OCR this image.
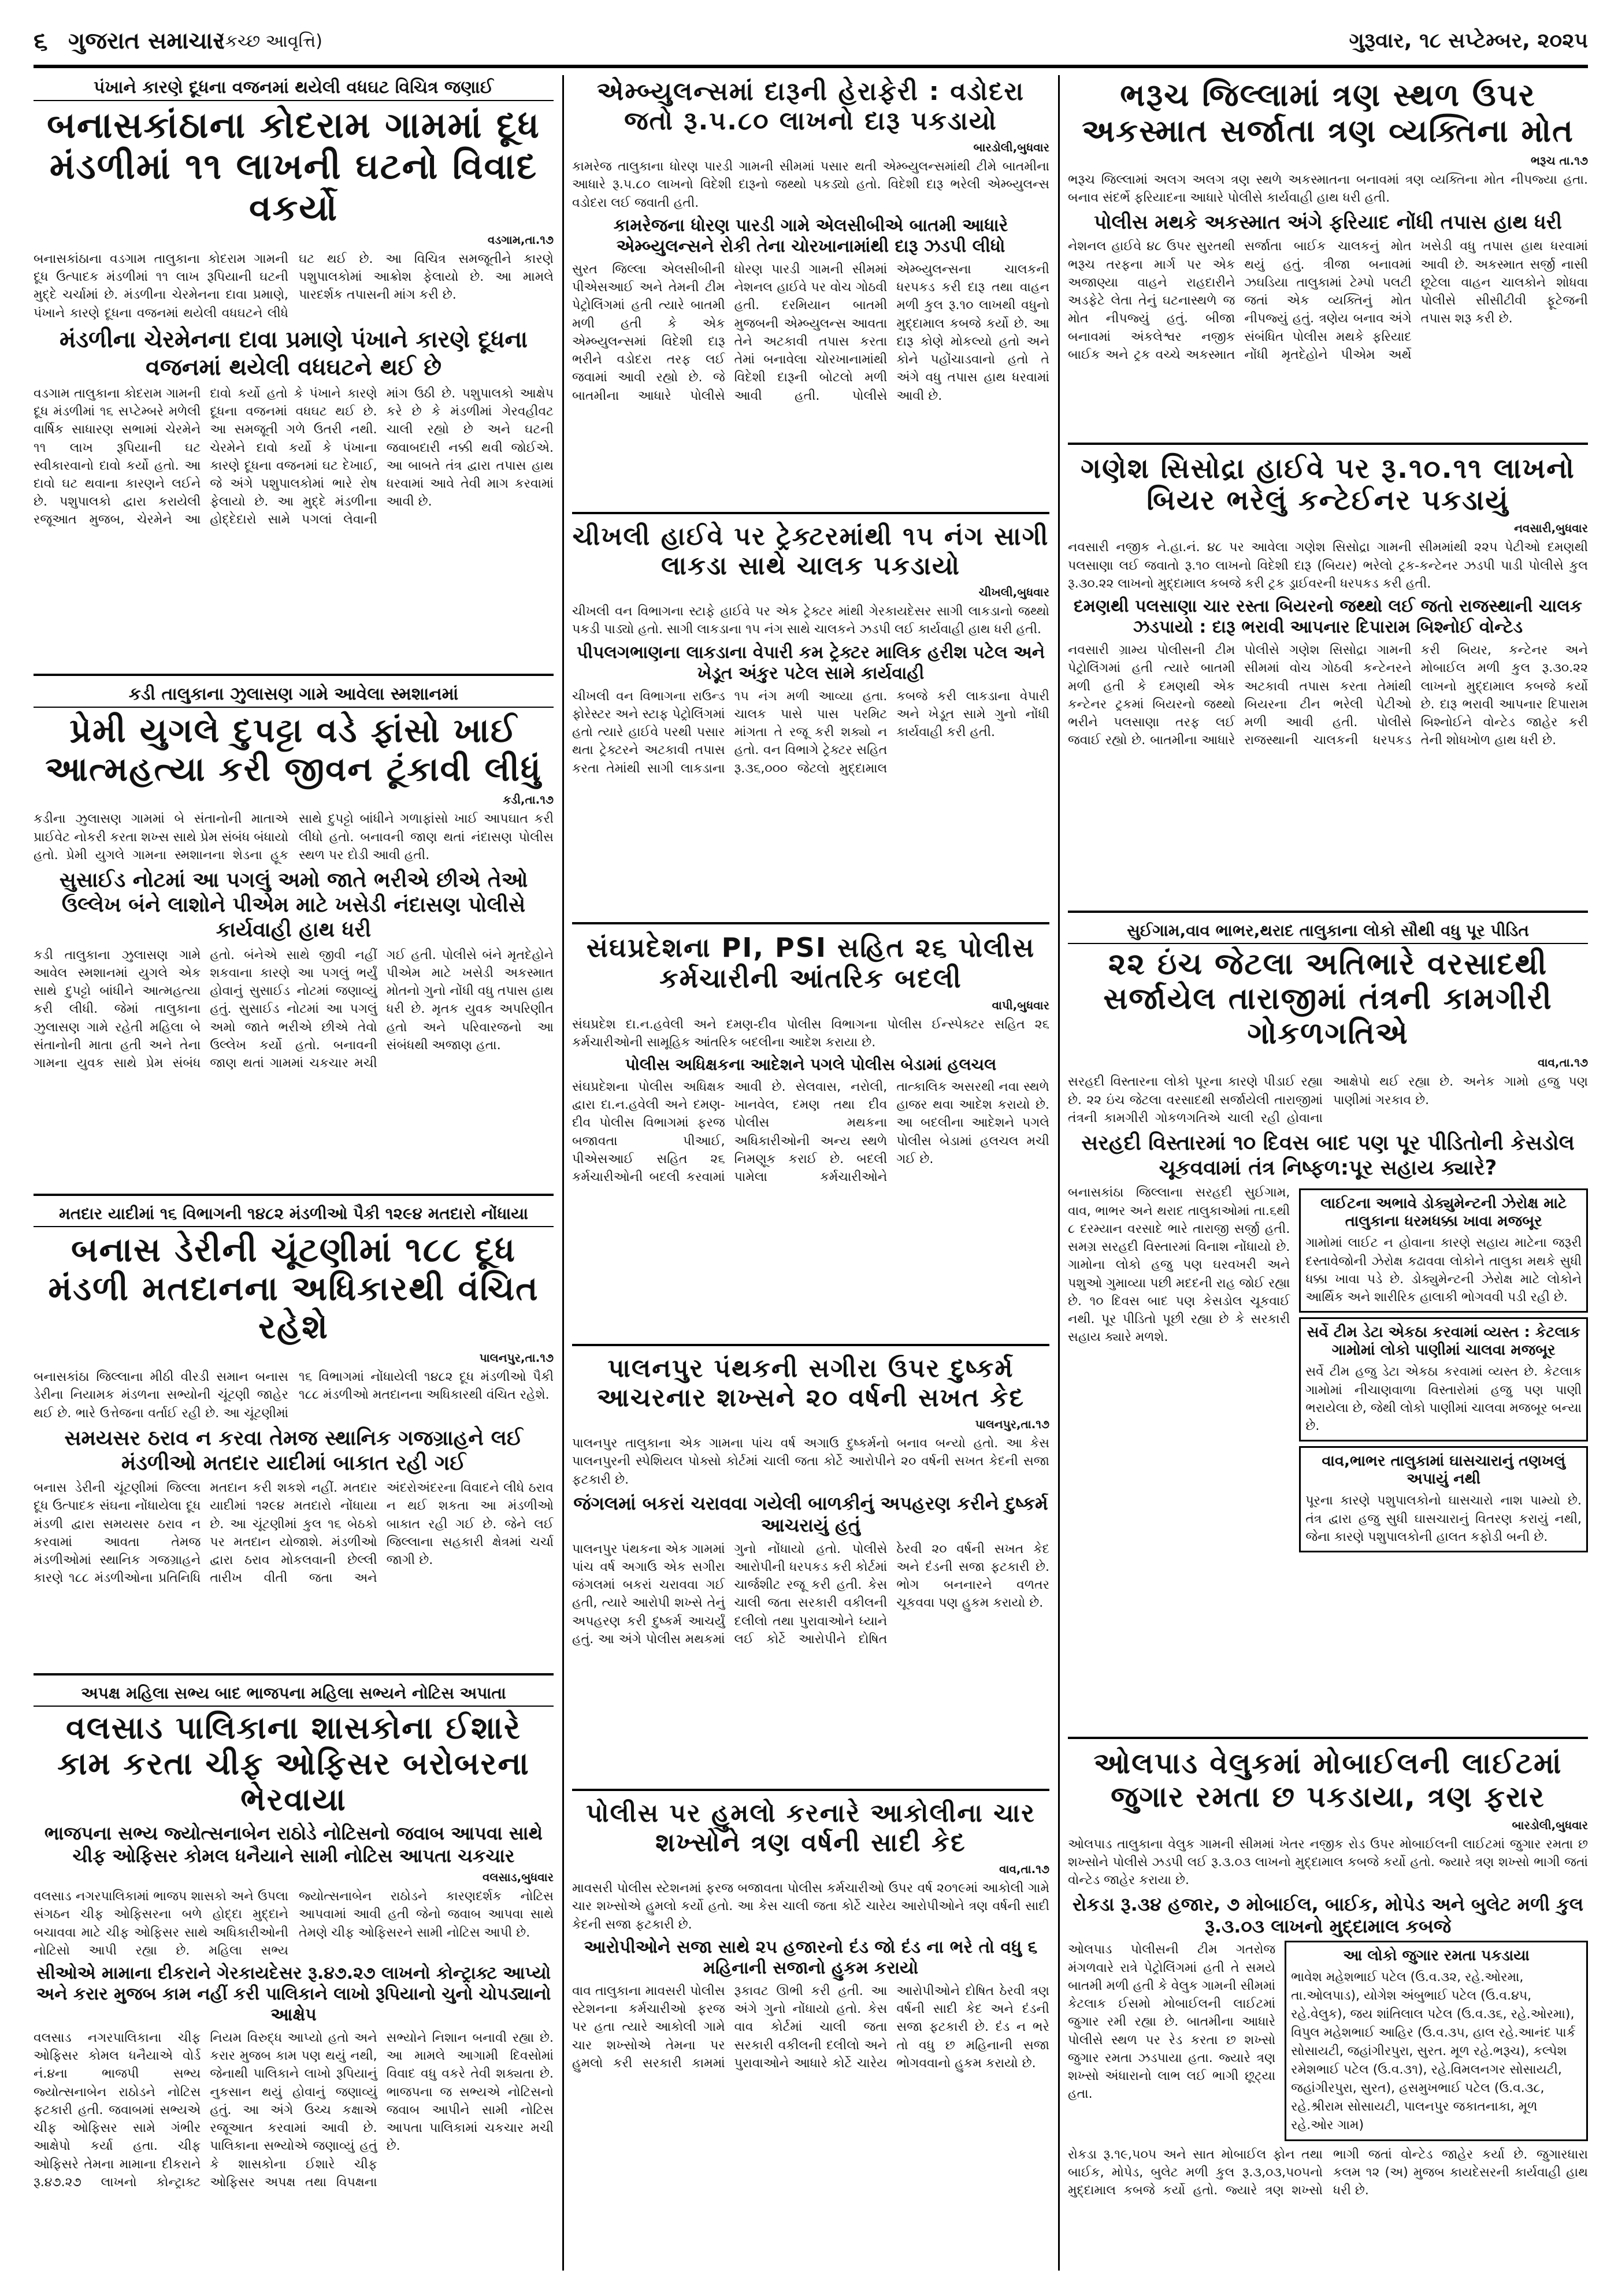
૬ ગુજરાત સમાચાર
(કચ્છ આવૃત્તિ)	ગુરૂવાર, ૧૮ સપ્ટેમ્બર, ૨૦૨૫
પંખાને કારણે દૂધના વજનમાં થયેલી વધઘટ વિચિત્ર જણાઈ
બનાસકાંઠાના કોદરામ ગામમાં દૂધ મંડળીમાં ૧૧ લાખની ઘટનો વિવાદ વકર્યો
વડગામ,તા.૧૭
બનાસકાંઠાના વડગામ તાલુકાના કોદરામ ગામની દૂધ ઉત્પાદક મંડળીમાં ૧૧ લાખ રૂપિયાની ઘટની મુદ્દે ચર્ચામાં છે. મંડળીના ચેરમેનના દાવા પ્રમાણે, પંખાને કારણે દૂધના વજનમાં થયેલી વધઘટને લીધે ઘટ થઈ છે. આ વિચિત્ર સમજૂતીને કારણે પશુપાલકોમાં આક્રોશ ફેલાયો છે. આ મામલે પારદર્શક તપાસની માંગ કરી છે.
મંડળીના ચેરમેનના દાવા પ્રમાણે પંખાને કારણે દૂધના વજનમાં થયેલી વધઘટને થઈ છે
વડગામ તાલુકાના કોદરામ ગામની દૂધ મંડળીમાં ૧૬ સપ્ટેમ્બરે મળેલી વાર્ષિક સાધારણ સભામાં ચેરમેને ૧૧ લાખ રૂપિયાની ઘટ સ્વીકારવાનો દાવો કર્યો હતો. આ દાવો ઘટ થવાના કારણને લઈને છે. પશુપાલકો દ્વારા કરાયેલી રજૂઆત મુજબ, ચેરમેને આ દાવો કર્યો હતો કે પંખાને કારણે દૂધના વજનમાં વધઘટ થઈ છે. આ સમજૂતી ગળે ઉતરી નથી. ચેરમેને દાવો કર્યો કે પંખાના કારણે દૂધના વજનમાં ઘટ દેખાઈ, જે અંગે પશુપાલકોમાં ભારે રોષ ફેલાયો છે. આ મુદ્દે મંડળીના હોદ્દેદારો સામે પગલાં લેવાની માંગ ઉઠી છે. પશુપાલકો આક્ષેપ કરે છે કે મંડળીમાં ગેરવહીવટ ચાલી રહ્યો છે અને ઘટની જવાબદારી નક્કી થવી જોઈએ. આ બાબતે તંત્ર દ્વારા તપાસ હાથ ધરવામાં આવે તેવી માગ કરવામાં આવી છે.
કડી તાલુકાના ઝુલાસણ ગામે આવેલા સ્મશાનમાં
પ્રેમી યુગલે દુપટ્ટા વડે ફાંસો ખાઈ આત્મહત્યા કરી જીવન ટૂંકાવી લીધું
કડી,તા.૧૭
કડીના ઝુલાસણ ગામમાં બે સંતાનોની માતાએ પ્રાઈવેટ નોકરી કરતા શખ્સ સાથે પ્રેમ સંબંધ બંધાયો હતો. પ્રેમી યુગલે ગામના સ્મશાનના શેડના હૂક સાથે દુપટ્ટો બાંધીને ગળાફાંસો ખાઈ આપઘાત કરી લીધો હતો. બનાવની જાણ થતાં નંદાસણ પોલીસ સ્થળ પર દોડી આવી હતી.
સુસાઈડ નોટમાં આ પગલું અમો જાતે ભરીએ છીએ તેઓ ઉલ્લેખ બંને લાશોને પીએમ માટે ખસેડી નંદાસણ પોલીસે કાર્યવાહી હાથ ધરી
કડી તાલુકાના ઝુલાસણ ગામે આવેલ સ્મશાનમાં યુગલે એક સાથે દુપટ્ટો બાંધીને આત્મહત્યા કરી લીધી. જેમાં તાલુકાના ઝુલાસણ ગામે રહેતી મહિલા બે સંતાનોની માતા હતી અને તેના ગામના યુવક સાથે પ્રેમ સંબંધ હતો. બંનેએ સાથે જીવી નહીં શકવાના કારણે આ પગલું ભર્યું હોવાનું સુસાઈડ નોટમાં જણાવ્યું હતું. સુસાઈડ નોટમાં આ પગલું અમો જાતે ભરીએ છીએ તેવો ઉલ્લેખ કર્યો હતો. બનાવની જાણ થતાં ગામમાં ચકચાર મચી ગઈ હતી. પોલીસે બંને મૃતદેહોને પીએમ માટે ખસેડી અકસ્માત મોતનો ગુનો નોંધી વધુ તપાસ હાથ ધરી છે. મૃતક યુવક અપરિણીત હતો અને પરિવારજનો આ સંબંધથી અજાણ હતા.
મતદાર યાદીમાં ૧૬ વિભાગની ૧૪૮૨ મંડળીઓ પૈકી ૧૨૯૪ મતદારો નોંધાયા
બનાસ ડેરીની ચૂંટણીમાં ૧૮૮ દૂધ મંડળી મતદાનના અધિકારથી વંચિત રહેશે
પાલનપુર,તા.૧૭
બનાસકાંઠા જિલ્લાના મીઠી વીરડી સમાન બનાસ ડેરીના નિયામક મંડળના સભ્યોની ચૂંટણી જાહેર થઈ છે. ભારે ઉત્તેજના વર્તાઈ રહી છે. આ ચૂંટણીમાં ૧૬ વિભાગમાં નોંધાયેલી ૧૪૮૨ દૂધ મંડળીઓ પૈકી ૧૮૮ મંડળીઓ મતદાનના અધિકારથી વંચિત રહેશે.
સમયસર ઠરાવ ન કરવા તેમજ સ્થાનિક ગજગ્રાહને લઈ મંડળીઓ મતદાર યાદીમાં બાકાત રહી ગઈ
બનાસ ડેરીની ચૂંટણીમાં જિલ્લા દૂધ ઉત્પાદક સંઘના નોંધાયેલા દૂધ મંડળી દ્વારા સમયસર ઠરાવ ન કરવામાં આવતા તેમજ મંડળીઓમાં સ્થાનિક ગજગ્રાહને કારણે ૧૮૮ મંડળીઓના પ્રતિનિધિ મતદાન કરી શકશે નહીં. મતદાર યાદીમાં ૧૨૯૪ મતદારો નોંધાયા છે. આ ચૂંટણીમાં કુલ ૧૬ બેઠકો પર મતદાન યોજાશે. મંડળીઓ દ્વારા ઠરાવ મોકલવાની છેલ્લી તારીખ વીતી જતા અને અંદરોઅંદરના વિવાદને લીધે ઠરાવ ન થઈ શકતા આ મંડળીઓ બાકાત રહી ગઈ છે. જેને લઈ જિલ્લાના સહકારી ક્ષેત્રમાં ચર્ચા જાગી છે.
અપક્ષ મહિલા સભ્ય બાદ ભાજપના મહિલા સભ્યને નોટિસ અપાતા
વલસાડ પાલિકાના શાસકોના ઈશારે કામ કરતા ચીફ ઓફિસર બરોબરના ભેરવાયા
ભાજપના સભ્ય જ્યોત્સનાબેન રાઠોડે નોટિસનો જવાબ આપવા સાથે ચીફ ઓફિસર કોમલ ધનૈયાને સામી નોટિસ આપતા ચકચાર
વલસાડ,બુધવાર
વલસાડ નગરપાલિકામાં ભાજપ શાસકો અને ઉપલા સંગઠન ચીફ ઓફિસરના બળે હોદ્દા મુદ્દાને બચાવવા માટે ચીફ ઓફિસર સાથે અધિકારીઓની નોટિસો આપી રહ્યા છે. મહિલા સભ્ય જ્યોત્સનાબેન રાઠોડને કારણદર્શક નોટિસ આપવામાં આવી હતી જેનો જવાબ આપવા સાથે તેમણે ચીફ ઓફિસરને સામી નોટિસ આપી છે.
સીઓએ મામાના દીકરાને ગેરકાયદેસર રૂ.૪૭.૨૭ લાખનો કોન્ટ્રાક્ટ આપ્યો અને કરાર મુજબ કામ નહીં કરી પાલિકાને લાખો રૂપિયાનો ચુનો ચોપડ્યાનો આક્ષેપ
વલસાડ નગરપાલિકાના ચીફ ઓફિસર કોમલ ધનૈયાએ વોર્ડ નં.૪ના ભાજપી સભ્ય જ્યોત્સનાબેન રાઠોડને નોટિસ ફટકારી હતી. જવાબમાં સભ્યએ ચીફ ઓફિસર સામે ગંભીર આક્ષેપો કર્યા હતા. ચીફ ઓફિસરે તેમના મામાના દીકરાને રૂ.૪૭.૨૭ લાખનો કોન્ટ્રાક્ટ નિયમ વિરુદ્ધ આપ્યો હતો અને કરાર મુજબ કામ પણ થયું નથી, જેનાથી પાલિકાને લાખો રૂપિયાનું નુકસાન થયું હોવાનું જણાવ્યું હતું. આ અંગે ઉચ્ચ કક્ષાએ રજૂઆત કરવામાં આવી છે. પાલિકાના સભ્યોએ જણાવ્યું હતું કે શાસકોના ઈશારે ચીફ ઓફિસર અપક્ષ તથા વિપક્ષના સભ્યોને નિશાન બનાવી રહ્યા છે. આ મામલે આગામી દિવસોમાં વિવાદ વધુ વકરે તેવી શક્યતા છે. ભાજપના જ સભ્યએ નોટિસનો જવાબ આપીને સામી નોટિસ આપતા પાલિકામાં ચકચાર મચી છે.
એમ્બ્યુલન્સમાં દારૂની હેરાફેરી : વડોદરા જતો રૂ.૫.૮૦ લાખનો દારૂ પકડાયો
બારડોલી,બુધવાર
કામરેજ તાલુકાના ધોરણ પારડી ગામની સીમમાં પસાર થતી એમ્બ્યુલન્સમાંથી ટીમે બાતમીના આધારે રૂ.૫.૮૦ લાખનો વિદેશી દારૂનો જથ્થો પકડ્યો હતો. વિદેશી દારૂ ભરેલી એમ્બ્યુલન્સ વડોદરા લઈ જવાતી હતી.
કામરેજના ધોરણ પારડી ગામે એલસીબીએ બાતમી આધારે એમ્બ્યુલન્સને રોકી તેના ચોરખાનામાંથી દારૂ ઝડપી લીધો
સુરત જિલ્લા એલસીબીની પીએસઆઈ અને તેમની ટીમ પેટ્રોલિંગમાં હતી ત્યારે બાતમી મળી હતી કે એક એમ્બ્યુલન્સમાં વિદેશી દારૂ ભરીને વડોદરા તરફ લઈ જવામાં આવી રહ્યો છે. જે બાતમીના આધારે પોલીસે ધોરણ પારડી ગામની સીમમાં નેશનલ હાઈવે પર વોચ ગોઠવી હતી. દરમિયાન બાતમી મુજબની એમ્બ્યુલન્સ આવતા તેને અટકાવી તપાસ કરતા તેમાં બનાવેલા ચોરખાનામાંથી વિદેશી દારૂની બોટલો મળી આવી હતી. પોલીસે એમ્બ્યુલન્સના ચાલકની ધરપકડ કરી દારૂ તથા વાહન મળી કુલ રૂ.૧૦ લાખથી વધુનો મુદ્દામાલ કબજે કર્યો છે. આ દારૂ કોણે મોકલ્યો હતો અને કોને પહોંચાડવાનો હતો તે અંગે વધુ તપાસ હાથ ધરવામાં આવી છે.
ચીખલી હાઈવે પર ટ્રેક્ટરમાંથી ૧૫ નંગ સાગી લાકડા સાથે ચાલક પકડાયો
ચીખલી,બુધવાર
ચીખલી વન વિભાગના સ્ટાફે હાઈવે પર એક ટ્રેક્ટર માંથી ગેરકાયદેસર સાગી લાકડાનો જથ્થો પકડી પાડ્યો હતો. સાગી લાકડાના ૧૫ નંગ સાથે ચાલકને ઝડપી લઈ કાર્યવાહી હાથ ધરી હતી.
પીપલગભાણના લાકડાના વેપારી કમ ટ્રેક્ટર માલિક હરીશ પટેલ અને ખેડૂત અંકુર પટેલ સામે કાર્યવાહી
ચીખલી વન વિભાગના રાઉન્ડ ફોરેસ્ટર અને સ્ટાફ પેટ્રોલિંગમાં હતો ત્યારે હાઈવે પરથી પસાર થતા ટ્રેક્ટરને અટકાવી તપાસ કરતા તેમાંથી સાગી લાકડાના ૧૫ નંગ મળી આવ્યા હતા. ચાલક પાસે પાસ પરમિટ માંગતા તે રજૂ કરી શક્યો ન હતો. વન વિભાગે ટ્રેક્ટર સહિત રૂ.૩૬,૦૦૦ જેટલો મુદ્દામાલ કબજે કરી લાકડાના વેપારી અને ખેડૂત સામે ગુનો નોંધી કાર્યવાહી કરી હતી.
સંઘપ્રદેશના PI, PSI સહિત ૨૬ પોલીસ કર્મચારીની આંતરિક બદલી
વાપી,બુધવાર
સંઘપ્રદેશ દા.ન.હવેલી અને દમણ-દીવ પોલીસ વિભાગના પોલીસ ઈન્સ્પેક્ટર સહિત ૨૬ કર્મચારીઓની સામૂહિક આંતરિક બદલીના આદેશ કરાયા છે.
પોલીસ અધિક્ષકના આદેશને પગલે પોલીસ બેડામાં હલચલ
સંઘપ્રદેશના પોલીસ અધિક્ષક દ્વારા દા.ન.હવેલી અને દમણ-દીવ પોલીસ વિભાગમાં ફરજ બજાવતા પીઆઈ, પીએસઆઈ સહિત ૨૬ કર્મચારીઓની બદલી કરવામાં આવી છે. સેલવાસ, નરોલી, ખાનવેલ, દમણ તથા દીવ પોલીસ મથકના અધિકારીઓની અન્ય સ્થળે નિમણૂક કરાઈ છે. બદલી પામેલા કર્મચારીઓને તાત્કાલિક અસરથી નવા સ્થળે હાજર થવા આદેશ કરાયો છે. આ બદલીના આદેશને પગલે પોલીસ બેડામાં હલચલ મચી ગઈ છે.
પાલનપુર પંથકની સગીરા ઉપર દુષ્કર્મ આચરનાર શખ્સને ૨૦ વર્ષની સખત કેદ
પાલનપુર,તા.૧૭
પાલનપુર તાલુકાના એક ગામના પાંચ વર્ષ અગાઉ દુષ્કર્મનો બનાવ બન્યો હતો. આ કેસ પાલનપુરની સ્પેશિયલ પોક્સો કોર્ટમાં ચાલી જતા કોર્ટે આરોપીને ૨૦ વર્ષની સખત કેદની સજા ફટકારી છે.
જંગલમાં બકરાં ચરાવવા ગયેલી બાળકીનું અપહરણ કરીને દુષ્કર્મ આચરાયું હતું
પાલનપુર પંથકના એક ગામમાં પાંચ વર્ષ અગાઉ એક સગીરા જંગલમાં બકરાં ચરાવવા ગઈ હતી, ત્યારે આરોપી શખ્સે તેનું અપહરણ કરી દુષ્કર્મ આચર્યું હતું. આ અંગે પોલીસ મથકમાં ગુનો નોંધાયો હતો. પોલીસે આરોપીની ધરપકડ કરી કોર્ટમાં ચાર્જશીટ રજૂ કરી હતી. કેસ ચાલી જતા સરકારી વકીલની દલીલો તથા પુરાવાઓને ધ્યાને લઈ કોર્ટે આરોપીને દોષિત ઠેરવી ૨૦ વર્ષની સખત કેદ અને દંડની સજા ફટકારી છે. ભોગ બનનારને વળતર ચૂકવવા પણ હુકમ કરાયો છે.
પોલીસ પર હુમલો કરનારે આકોલીના ચાર શખ્સોને ત્રણ વર્ષની સાદી કેદ
વાવ,તા.૧૭
માવસરી પોલીસ સ્ટેશનમાં ફરજ બજાવતા પોલીસ કર્મચારીઓ ઉપર વર્ષ ૨૦૧૯માં આકોલી ગામે ચાર શખ્સોએ હુમલો કર્યો હતો. આ કેસ ચાલી જતા કોર્ટે ચારેય આરોપીઓને ત્રણ વર્ષની સાદી કેદની સજા ફટકારી છે.
આરોપીઓને સજા સાથે ૨૫ હજારનો દંડ જો દંડ ના ભરે તો વધુ ૬ મહિનાની સજાનો હુકમ કરાયો
વાવ તાલુકાના માવસરી પોલીસ સ્ટેશનના કર્મચારીઓ ફરજ પર હતા ત્યારે આકોલી ગામે ચાર શખ્સોએ તેમના પર હુમલો કરી સરકારી કામમાં રૂકાવટ ઊભી કરી હતી. આ અંગે ગુનો નોંધાયો હતો. કેસ વાવ કોર્ટમાં ચાલી જતા સરકારી વકીલની દલીલો અને પુરાવાઓને આધારે કોર્ટે ચારેય આરોપીઓને દોષિત ઠેરવી ત્રણ વર્ષની સાદી કેદ અને દંડની સજા ફટકારી છે. દંડ ન ભરે તો વધુ છ મહિનાની સજા ભોગવવાનો હુકમ કરાયો છે.
ભરૂચ જિલ્લામાં ત્રણ સ્થળ ઉપર અકસ્માત સર્જાતા ત્રણ વ્યક્તિના મોત
ભરૂચ તા.૧૭
ભરૂચ જિલ્લામાં અલગ અલગ ત્રણ સ્થળે અકસ્માતના બનાવમાં ત્રણ વ્યક્તિના મોત નીપજ્યા હતા. બનાવ સંદર્ભે ફરિયાદના આધારે પોલીસે કાર્યવાહી હાથ ધરી હતી.
પોલીસ મથકે અકસ્માત અંગે ફરિયાદ નોંધી તપાસ હાથ ધરી
નેશનલ હાઈવે ૪૮ ઉપર સુરતથી ભરૂચ તરફના માર્ગ પર એક અજાણ્યા વાહને રાહદારીને અડફેટે લેતા તેનું ઘટનાસ્થળે જ મોત નીપજ્યું હતું. બીજા બનાવમાં અંકલેશ્વર નજીક બાઈક અને ટ્રક વચ્ચે અકસ્માત સર્જાતા બાઈક ચાલકનું મોત થયું હતું. ત્રીજા બનાવમાં ઝઘડિયા તાલુકામાં ટેમ્પો પલટી જતાં એક વ્યક્તિનું મોત નીપજ્યું હતું. ત્રણેય બનાવ અંગે સંબંધિત પોલીસ મથકે ફરિયાદ નોંધી મૃતદેહોને પીએમ અર્થે ખસેડી વધુ તપાસ હાથ ધરવામાં આવી છે. અકસ્માત સર્જી નાસી છૂટેલા વાહન ચાલકોને શોધવા પોલીસે સીસીટીવી ફૂટેજની તપાસ શરૂ કરી છે.
ગણેશ સિસોદ્રા હાઈવે પર રૂ.૧૦.૧૧ લાખનો બિયર ભરેલું કન્ટેઈનર પકડાયું
નવસારી,બુધવાર
નવસારી નજીક ને.હા.નં. ૪૮ પર આવેલા ગણેશ સિસોદ્રા ગામની સીમમાંથી ૨૨૫ પેટીઓ દમણથી પલસાણા લઈ જવાતો રૂ.૧૦ લાખનો વિદેશી દારૂ (બિયર) ભરેલો ટ્રક-કન્ટેનર ઝડપી પાડી પોલીસે કુલ રૂ.૩૦.૨૨ લાખનો મુદ્દામાલ કબજે કરી ટ્રક ડ્રાઈવરની ધરપકડ કરી હતી.
દમણથી પલસાણા ચાર રસ્તા બિયરનો જથ્થો લઈ જતો રાજસ્થાની ચાલક ઝડપાયો : દારૂ ભરાવી આપનાર દિપારામ બિશ્નોઈ વોન્ટેડ
નવસારી ગ્રામ્ય પોલીસની ટીમ પેટ્રોલિંગમાં હતી ત્યારે બાતમી મળી હતી કે દમણથી એક કન્ટેનર ટ્રકમાં બિયરનો જથ્થો ભરીને પલસાણા તરફ લઈ જવાઈ રહ્યો છે. બાતમીના આધારે પોલીસે ગણેશ સિસોદ્રા ગામની સીમમાં વોચ ગોઠવી કન્ટેનરને અટકાવી તપાસ કરતા તેમાંથી બિયરના ટીન ભરેલી પેટીઓ મળી આવી હતી. પોલીસે રાજસ્થાની ચાલકની ધરપકડ કરી બિયર, કન્ટેનર અને મોબાઈલ મળી કુલ રૂ.૩૦.૨૨ લાખનો મુદ્દામાલ કબજે કર્યો છે. દારૂ ભરાવી આપનાર દિપારામ બિશ્નોઈને વોન્ટેડ જાહેર કરી તેની શોધખોળ હાથ ધરી છે.
સુઈગામ,વાવ ભાભર,થરાદ તાલુકાના લોકો સૌથી વધુ પૂર પીડિત
૨૨ ઇંચ જેટલા અતિભારે વરસાદથી સર્જાયેલ તારાજીમાં તંત્રની કામગીરી ગોકળગતિએ
વાવ,તા.૧૭
સરહદી વિસ્તારના લોકો પૂરના કારણે પીડાઈ રહ્યા છે. ૨૨ ઇંચ જેટલા વરસાદથી સર્જાયેલી તારાજીમાં તંત્રની કામગીરી ગોકળગતિએ ચાલી રહી હોવાના આક્ષેપો થઈ રહ્યા છે. અનેક ગામો હજુ પણ પાણીમાં ગરકાવ છે.
સરહદી વિસ્તારમાં ૧૦ દિવસ બાદ પણ પૂર પીડિતોની કેસડોલ ચૂકવવામાં તંત્ર નિષ્ફળ:પૂર સહાય ક્યારે?
બનાસકાંઠા જિલ્લાના સરહદી સુઈગામ, વાવ, ભાભર અને થરાદ તાલુકાઓમાં તા.૬થી ૮ દરમ્યાન વરસાદે ભારે તારાજી સર્જી હતી. સમગ્ર સરહદી વિસ્તારમાં વિનાશ નોંધાયો છે. ગામોના લોકો હજુ પણ ઘરવખરી અને પશુઓ ગુમાવ્યા પછી મદદની રાહ જોઈ રહ્યા છે. ૧૦ દિવસ બાદ પણ કેસડોલ ચૂકવાઈ નથી. પૂર પીડિતો પૂછી રહ્યા છે કે સરકારી સહાય ક્યારે મળશે.
લાઈટના અભાવે ડોક્યુમેન્ટની ઝેરોક્ષ માટે તાલુકાના ધરમધક્કા ખાવા મજબૂર
ગામોમાં લાઈટ ન હોવાના કારણે સહાય માટેના જરૂરી દસ્તાવેજોની ઝેરોક્ષ કઢાવવા લોકોને તાલુકા મથકે સુધી ધક્કા ખાવા પડે છે. ડોક્યુમેન્ટની ઝેરોક્ષ માટે લોકોને આર્થિક અને શારીરિક હાલાકી ભોગવવી પડી રહી છે.
સર્વે ટીમ ડેટા એકઠા કરવામાં વ્યસ્ત : કેટલાક ગામોમાં લોકો પાણીમાં ચાલવા મજબૂર
સર્વે ટીમ હજુ ડેટા એકઠા કરવામાં વ્યસ્ત છે. કેટલાક ગામોમાં નીચાણવાળા વિસ્તારોમાં હજુ પણ પાણી ભરાયેલા છે, જેથી લોકો પાણીમાં ચાલવા મજબૂર બન્યા છે.
વાવ,ભાભર તાલુકામાં ઘાસચારાનું તણખલું અપાયું નથી
પૂરના કારણે પશુપાલકોનો ઘાસચારો નાશ પામ્યો છે. તંત્ર દ્વારા હજુ સુધી ઘાસચારાનું વિતરણ કરાયું નથી, જેના કારણે પશુપાલકોની હાલત કફોડી બની છે.
ઓલપાડ વેલુકમાં મોબાઈલની લાઈટમાં જુગાર રમતા છ પકડાયા, ત્રણ ફરાર
બારડોલી,બુધવાર
ઓલપાડ તાલુકાના વેલુક ગામની સીમમાં ખેતર નજીક રોડ ઉપર મોબાઈલની લાઈટમાં જુગાર રમતા છ શખ્સોને પોલીસે ઝડપી લઈ રૂ.૩.૦૩ લાખનો મુદ્દામાલ કબજે કર્યો હતો. જ્યારે ત્રણ શખ્સો ભાગી જતાં વોન્ટેડ જાહેર કરાયા છે.
રોકડા રૂ.૩૪ હજાર, ૭ મોબાઈલ, બાઈક, મોપેડ અને બુલેટ મળી કુલ રૂ.૩.૦૩ લાખનો મુદ્દામાલ કબજે
ઓલપાડ પોલીસની ટીમ ગતરોજ મંગળવારે રાત્રે પેટ્રોલિંગમાં હતી તે સમયે બાતમી મળી હતી કે વેલુક ગામની સીમમાં કેટલાક ઈસમો મોબાઈલની લાઈટમાં જુગાર રમી રહ્યા છે. બાતમીના આધારે પોલીસે સ્થળ પર રેડ કરતા છ શખ્સો જુગાર રમતા ઝડપાયા હતા. જ્યારે ત્રણ શખ્સો અંધારાનો લાભ લઈ ભાગી છૂટ્યા હતા.
આ લોકો જુગાર રમતા પકડાયા
ભાવેશ મહેશભાઈ પટેલ (ઉ.વ.૩૨, રહે.ઓરમા, તા.ઓલપાડ), યોગેશ અંબુભાઈ પટેલ (ઉ.વ.૪૫, રહે.વેલુક), જય શાંતિલાલ પટેલ (ઉ.વ.૩૬, રહે.ઓરમા), વિપુલ મહેશભાઈ આહિર (ઉ.વ.૩૫, હાલ રહે.આનંદ પાર્ક સોસાયટી, જહાંગીરપુરા, સુરત. મૂળ રહે.ભરૂચ), કલ્પેશ રમેશભાઈ પટેલ (ઉ.વ.૩૧), રહે.વિમલનગર સોસાયટી, જહાંગીરપુરા, સુરત), હસમુખભાઈ પટેલ (ઉ.વ.૩૮, રહે.શ્રીરામ સોસાયટી, પાલનપુર જકાતનાકા, મૂળ રહે.ઓર ગામ)
રોકડા રૂ.૧૯,૫૦૫ અને સાત મોબાઈલ ફોન તથા બાઈક, મોપેડ, બુલેટ મળી કુલ રૂ.૩,૦૩,૫૦૫નો મુદ્દામાલ કબજે કર્યો હતો. જ્યારે ત્રણ શખ્સો ભાગી જતાં વોન્ટેડ જાહેર કર્યા છે. જુગારધારા કલમ ૧૨ (અ) મુજબ કાયદેસરની કાર્યવાહી હાથ ધરી છે.
